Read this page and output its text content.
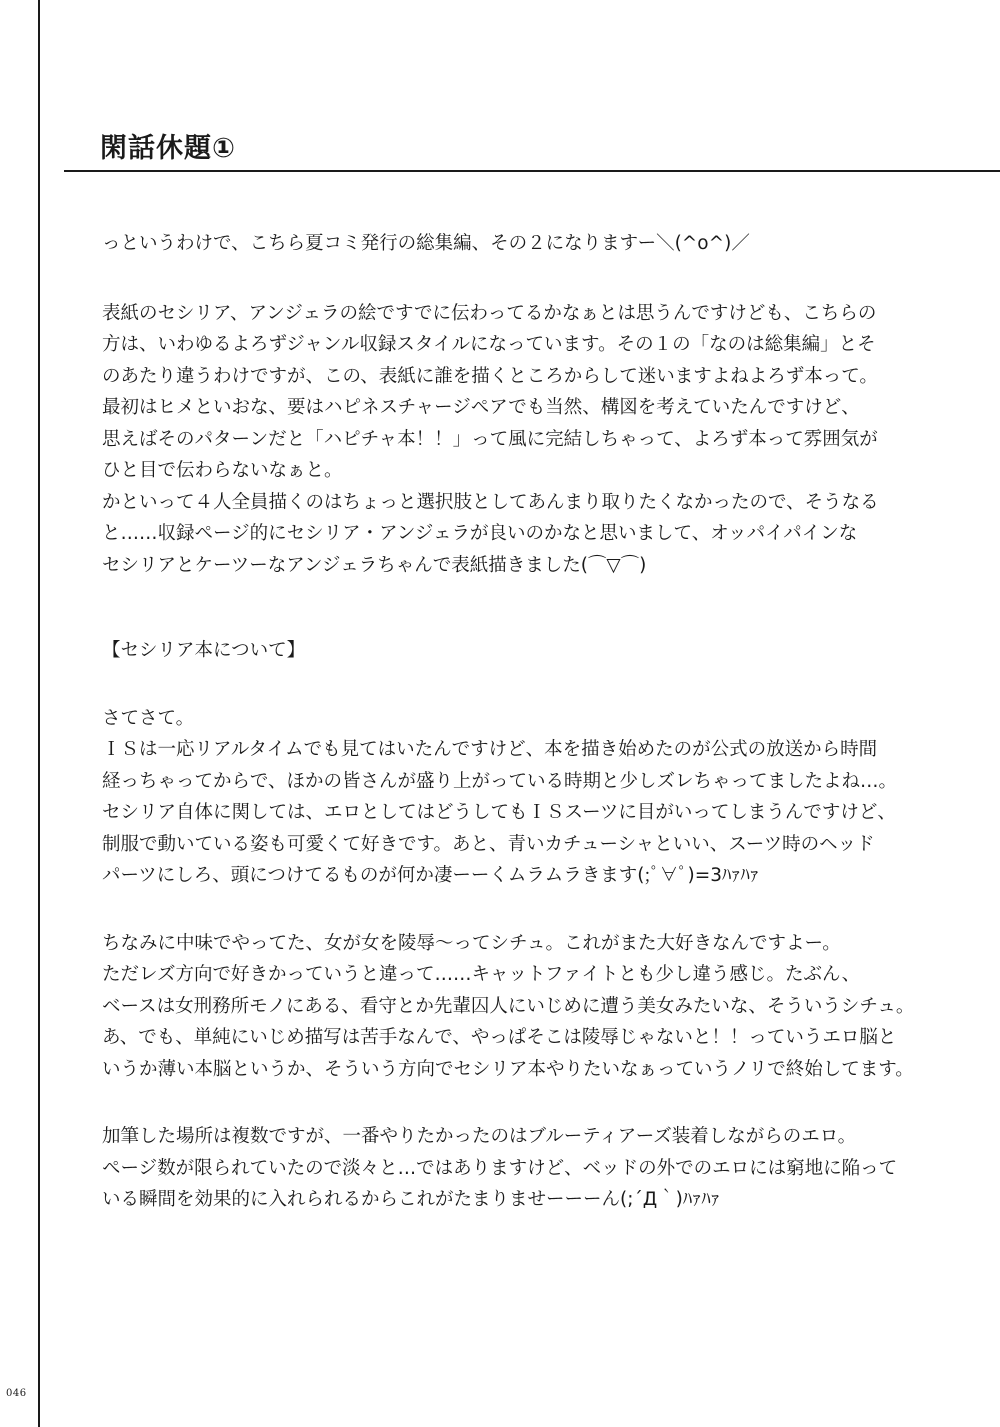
閑話休題①

っというわけで、こちら夏コミ発行の総集編、その２になりますー＼(^o^)／

表紙のセシリア、アンジェラの絵ですでに伝わってるかなぁとは思うんですけども、こちらの
方は、いわゆるよろずジャンル収録スタイルになっています。その１の「なのは総集編」とそ
のあたり違うわけですが、この、表紙に誰を描くところからして迷いますよねよろず本って。
最初はヒメといおな、要はハピネスチャージペアでも当然、構図を考えていたんですけど、
思えばそのパターンだと「ハピチャ本！！」って風に完結しちゃって、よろず本って雰囲気が
ひと目で伝わらないなぁと。
かといって４人全員描くのはちょっと選択肢としてあんまり取りたくなかったので、そうなる
と……収録ページ的にセシリア・アンジェラが良いのかなと思いまして、オッパイパインな
セシリアとケーツーなアンジェラちゃんで表紙描きました(⌒▽⌒)

【セシリア本について】

さてさて。
ＩＳは一応リアルタイムでも見てはいたんですけど、本を描き始めたのが公式の放送から時間
経っちゃってからで、ほかの皆さんが盛り上がっている時期と少しズレちゃってましたよね…。
セシリア自体に関しては、エロとしてはどうしてもＩＳスーツに目がいってしまうんですけど、
制服で動いている姿も可愛くて好きです。あと、青いカチューシャといい、スーツ時のヘッド
パーツにしろ、頭につけてるものが何か凄ーーくムラムラきます(;ﾟ∀ﾟ)=3ﾊｧﾊｧ

ちなみに中味でやってた、女が女を陵辱～ってシチュ。これがまた大好きなんですよー。
ただレズ方向で好きかっていうと違って……キャットファイトとも少し違う感じ。たぶん、
ベースは女刑務所モノにある、看守とか先輩囚人にいじめに遭う美女みたいな、そういうシチュ。
あ、でも、単純にいじめ描写は苦手なんで、やっぱそこは陵辱じゃないと！！っていうエロ脳と
いうか薄い本脳というか、そういう方向でセシリア本やりたいなぁっていうノリで終始してます。

加筆した場所は複数ですが、一番やりたかったのはブルーティアーズ装着しながらのエロ。
ページ数が限られていたので淡々と…ではありますけど、ベッドの外でのエロには窮地に陥って
いる瞬間を効果的に入れられるからこれがたまりませーーーん(;´Д｀)ﾊｧﾊｧ

046
